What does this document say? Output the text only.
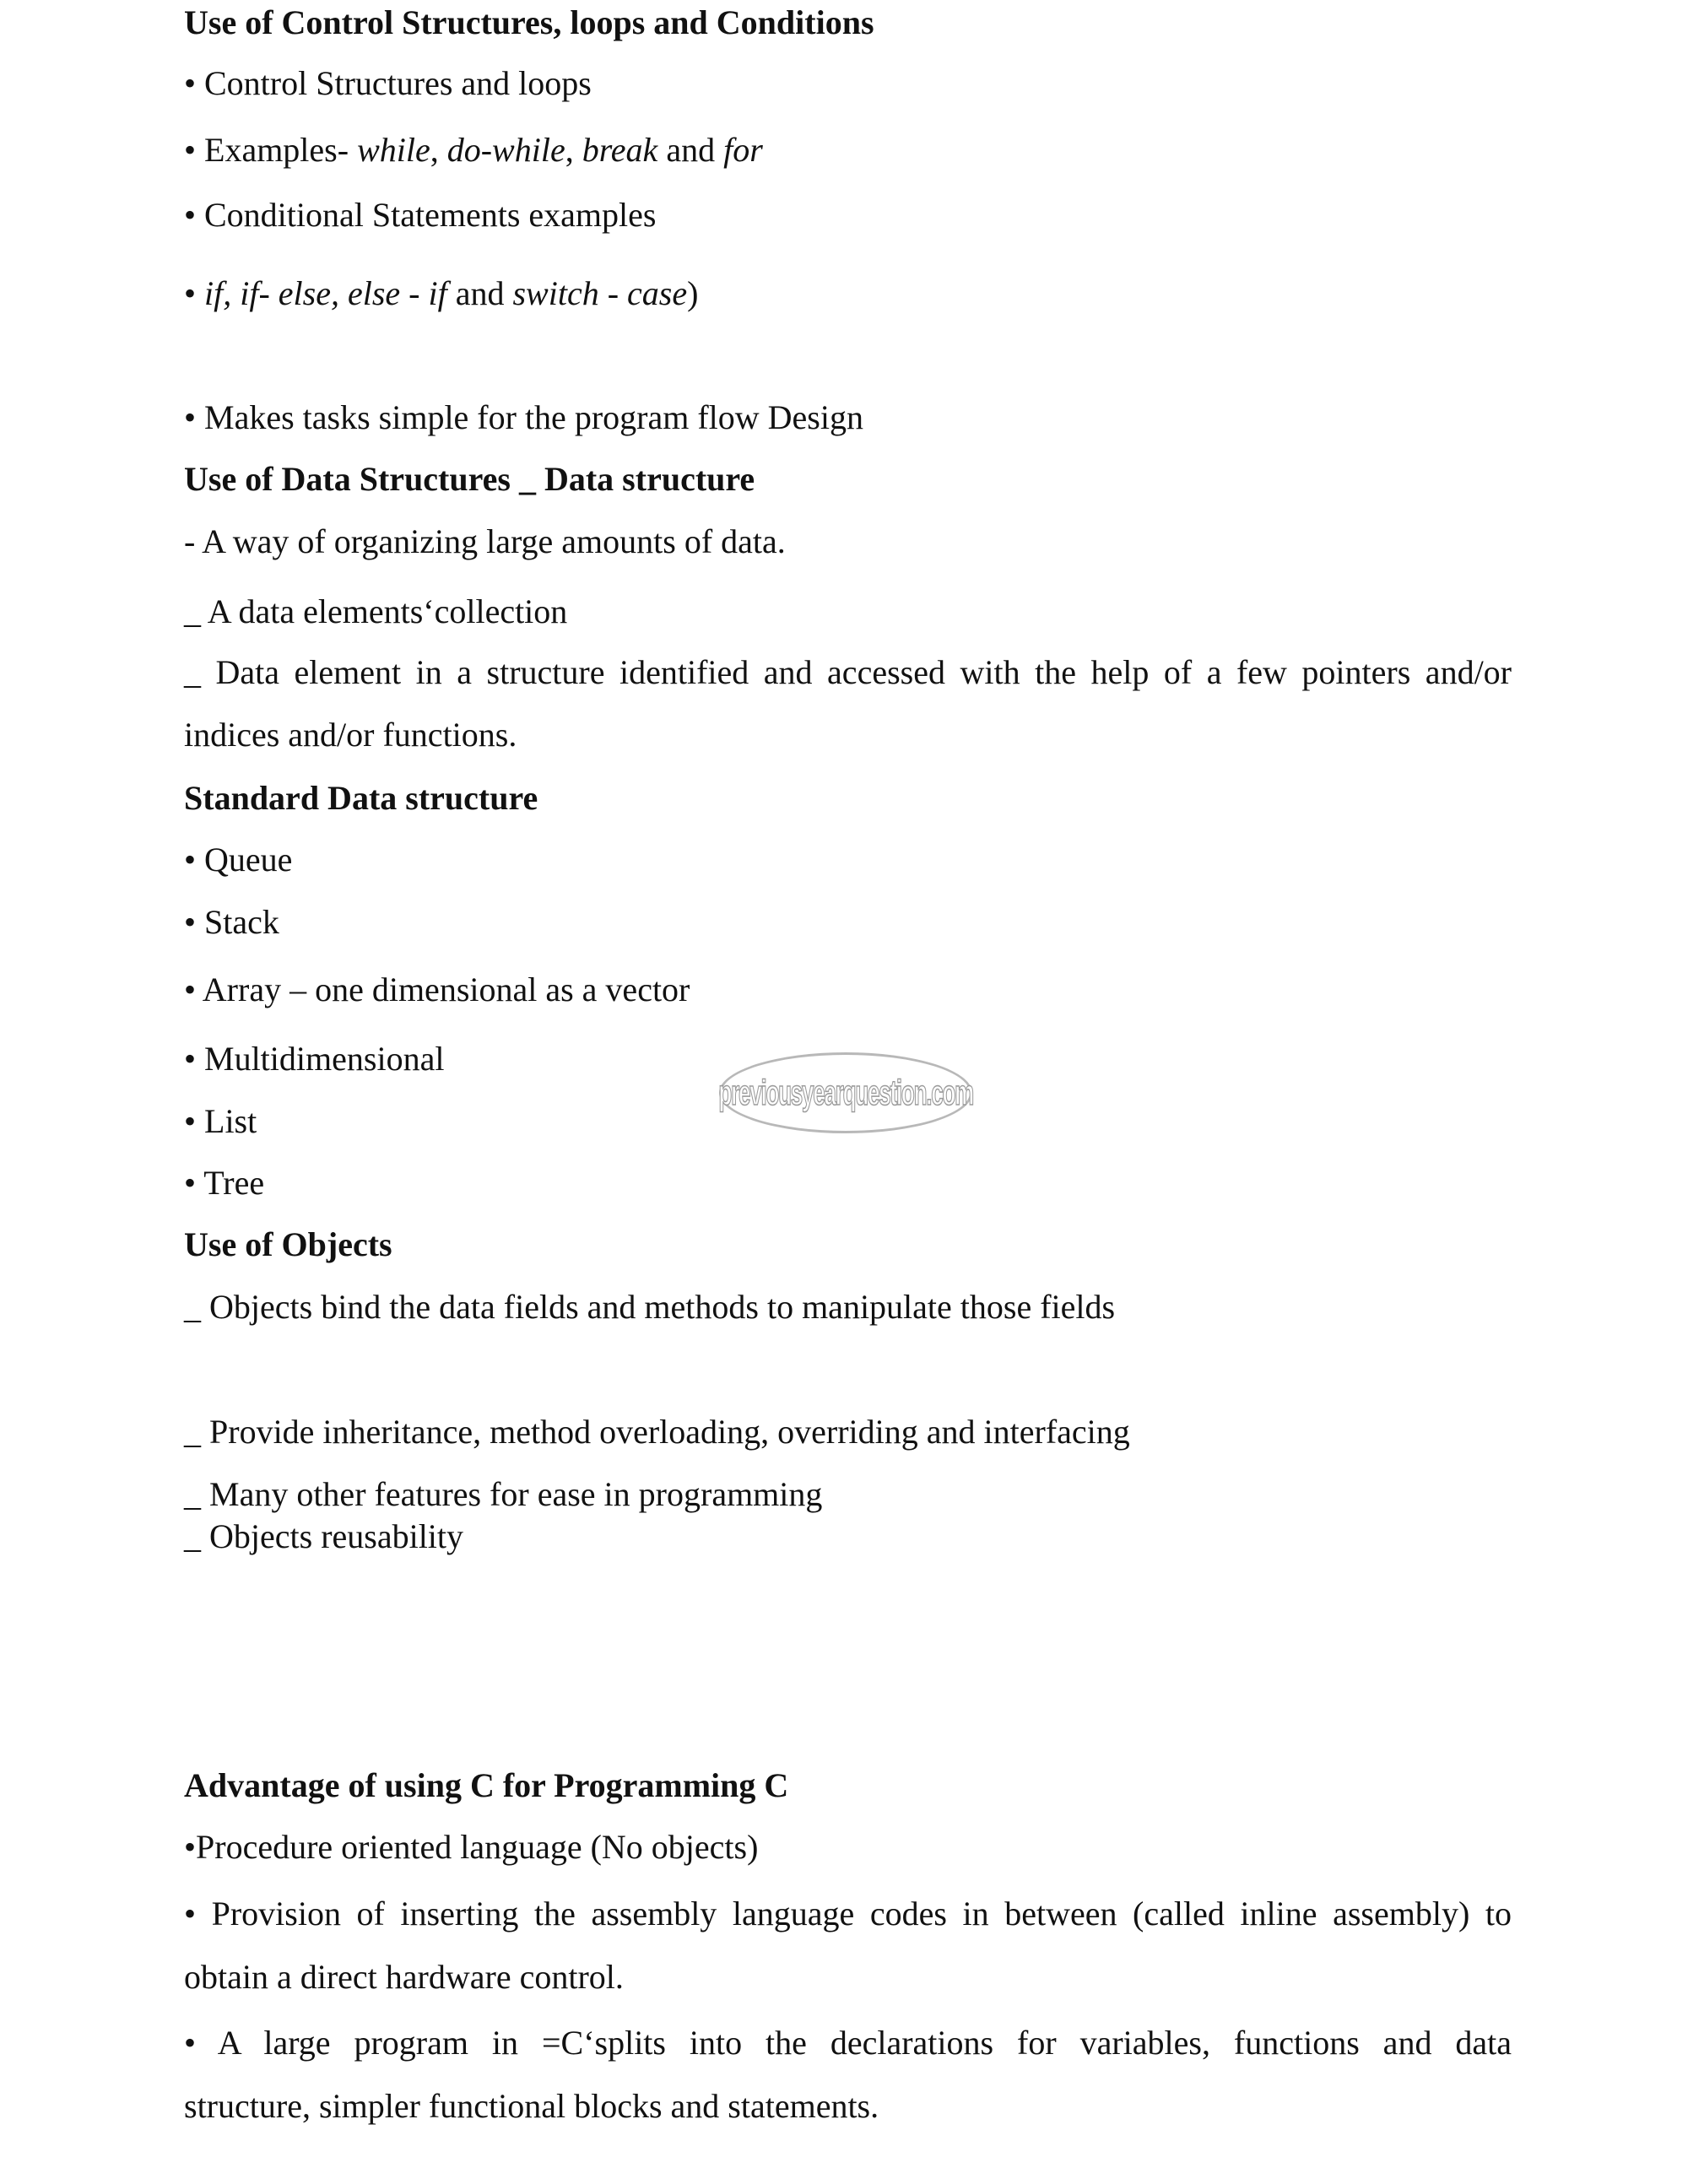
Use of Control Structures, loops and Conditions
• Control Structures and loops
• Examples- while, do-while, break and for
• Conditional Statements examples
• if, if- else, else - if and switch - case)
• Makes tasks simple for the program flow Design
Use of Data Structures _ Data structure
- A way of organizing large amounts of data.
_ A data elements‘collection
_ Data element in a structure identified and accessed with the help of a few pointers and/or
indices and/or functions.
Standard Data structure
• Queue
• Stack
• Array – one dimensional as a vector
• Multidimensional
• List
• Tree
previousyearquestion.com
Use of Objects
_ Objects bind the data fields and methods to manipulate those fields
_ Provide inheritance, method overloading, overriding and interfacing
_ Many other features for ease in programming
_ Objects reusability
Advantage of using C for Programming C
•Procedure oriented language (No objects)
• Provision of inserting the assembly language codes in between (called inline assembly) to
obtain a direct hardware control.
• A large program in =C‘splits into the declarations for variables, functions and data
structure, simpler functional blocks and statements.
